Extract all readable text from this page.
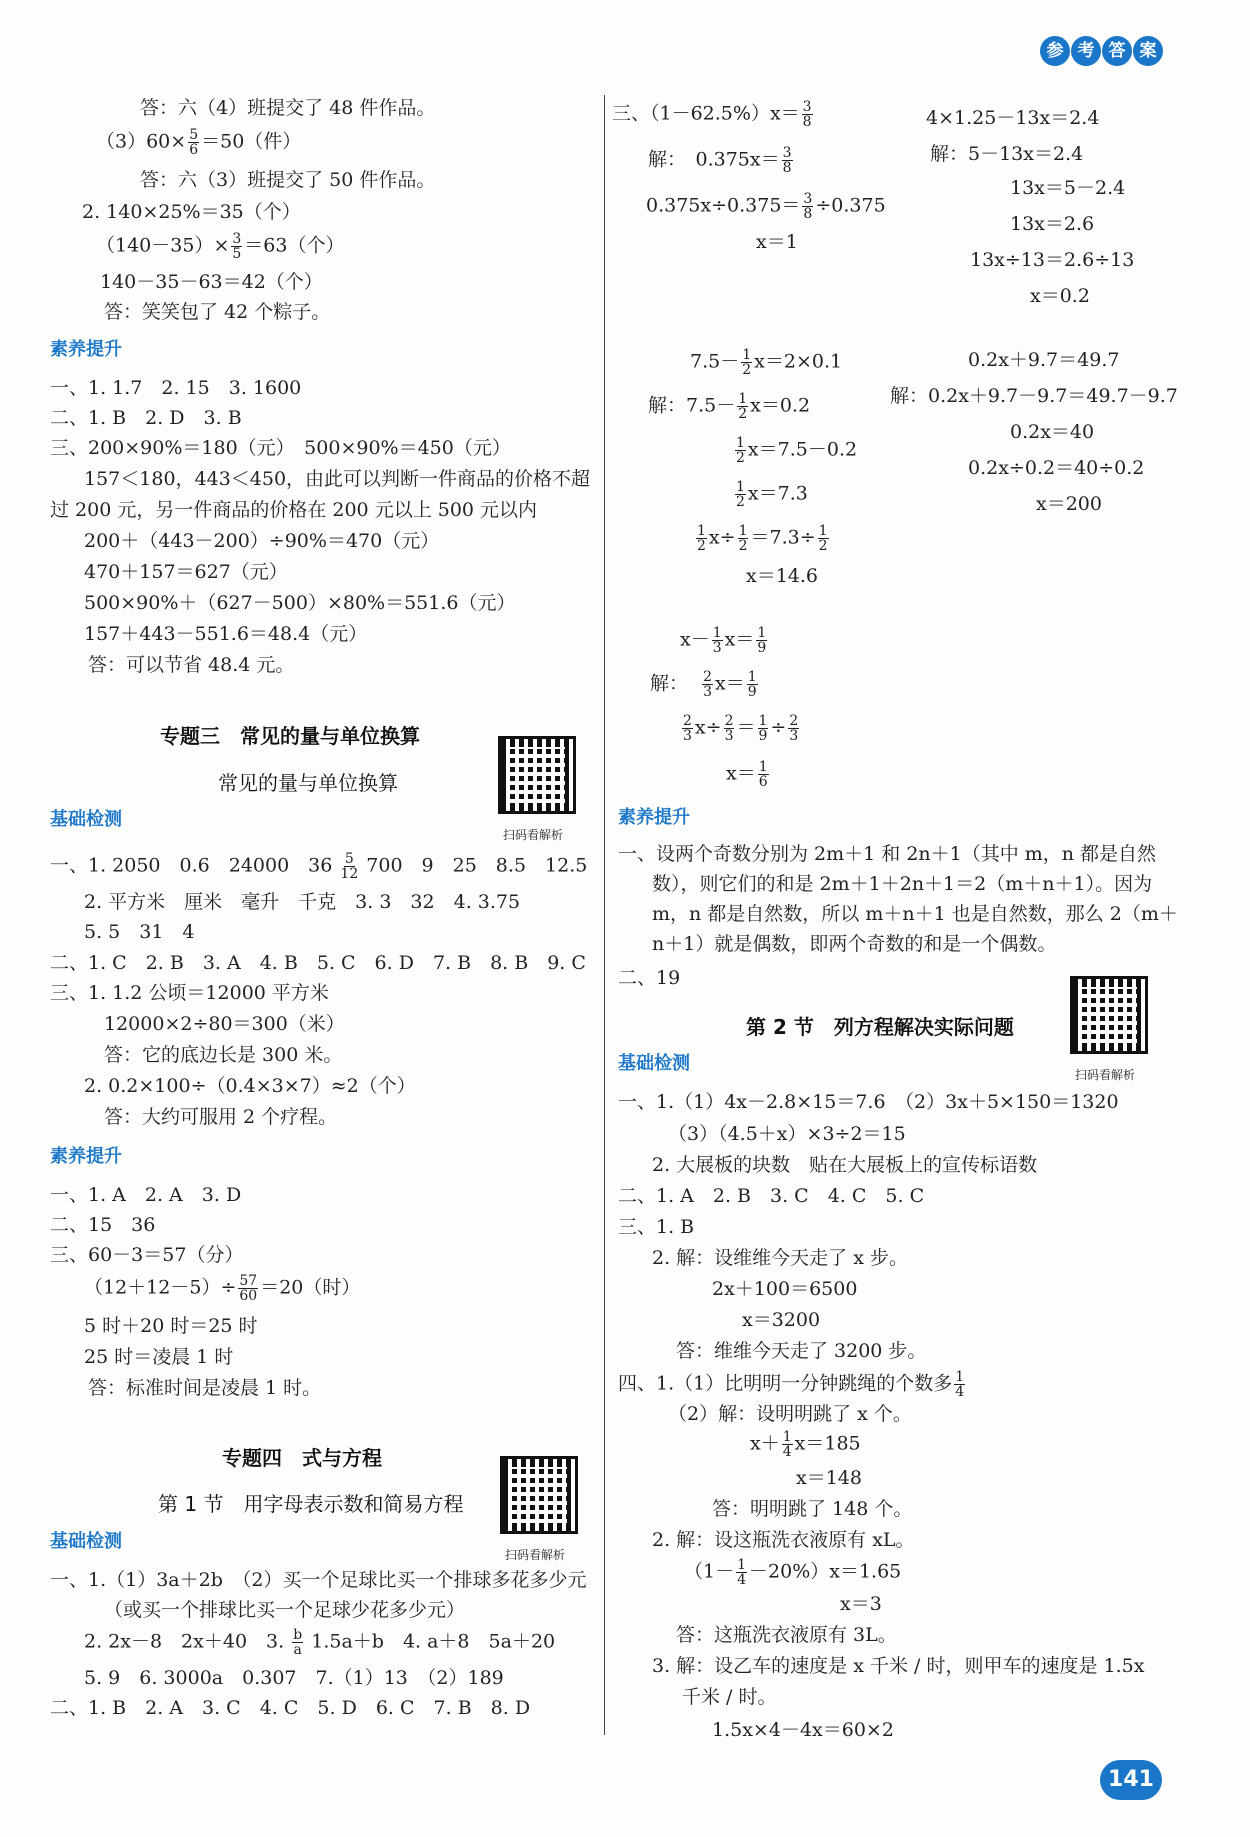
参 考 答 案
答：六（4）班提交了 48 件作品。
$(3)60\times \frac{5}{6} =50$（件）
答：六（3）班提交了 50 件作品。
2. 140×25%＝35（个）
$(140-35)\times \frac{3}{5} =63$（个）
140－35－63＝42（个）
答：笑笑包了 42 个粽子。
素养提升
一、1. 1.7　2. 15　3. 1600
二、1. B　2. D　3. B
三、200×90%＝180（元）　500×90%＝450（元）
157＜180，443＜450，由此可以判断一件商品的价格不超
过 200 元，另一件商品的价格在 200 元以上 500 元以内
200＋（443－200）÷90%＝470（元）
470＋157＝627（元）
500×90%＋（627－500）×80%＝551.6（元）
157＋443－551.6＝48.4（元）
答：可以节省 48.4 元。
专题三　常见的量与单位换算
常见的量与单位换算
扫码看解析
基础检测
一、1. 2050　0.6　24000　$36 \frac{5}{12} 700$　9　25　8.5　12.5
2. 平方米　厘米　毫升　千克　3. 3　32　4. 3.75
5. 5　31　4
二、1. C　2. B　3. A　4. B　5. C　6. D　7. B　8. B　9. C
三、1. 1.2 公顷＝12000 平方米
12000×2÷80＝300（米）
答：它的底边长是 300 米。
2. 0.2×100÷（0.4×3×7）≈2（个）
答：大约可服用 2 个疗程。
素养提升
一、1. A　2. A　3. D
二、15　36
三、60－3＝57（分）
$(12+12-5)\div \frac{57}{60} =20$（时）
5 时＋20 时＝25 时
25 时＝凌晨 1 时
答：标准时间是凌晨 1 时。
专题四　式与方程
第 1 节　用字母表示数和简易方程
扫码看解析
基础检测
一、1.（1）3a＋2b　（2）买一个足球比买一个排球多花多少元
（或买一个排球比买一个足球少花多少元）
2. 2x－8　2x＋40　3. $\frac{b}{a} 1.5a+b$　4. a＋8　5a＋20
5. 9　6. 3000a　0.307　7.（1）13　（2）189
二、1. B　2. A　3. C　4. C　5. D　6. C　7. B　8. D
三、$(1-62.5\%)x= \frac{3}{8}$
解：　$0.375x= \frac{3}{8}$
$0.375x\div 0.375= \frac{3}{8} \div 0.375$
x＝1
4×1.25－13x＝2.4
解：5－13x＝2.4
13x＝5－2.4
13x＝2.6
13x÷13＝2.6÷13
x＝0.2
$7.5- \frac{1}{2} x=2\times 0.1$
解：$7.5- \frac{1}{2} x=0.2$
$\frac{1}{2} x=7.5-0.2$
$\frac{1}{2} x=7.3$
$\frac{1}{2} x\div \frac{1}{2} =7.3\div \frac{1}{2}$
x＝14.6
0.2x＋9.7＝49.7
解：0.2x＋9.7－9.7＝49.7－9.7
0.2x＝40
0.2x÷0.2＝40÷0.2
x＝200
$x- \frac{1}{3} x= \frac{1}{9}$
解： $\frac{2}{3} x= \frac{1}{9}$
$\frac{2}{3} x\div \frac{2}{3} = \frac{1}{9} \div \frac{2}{3}$
$x= \frac{1}{6}$
素养提升
一、设两个奇数分别为 2m＋1 和 2n＋1（其中 m，n 都是自然
数），则它们的和是 2m＋1＋2n＋1＝2（m＋n＋1）。因为
m，n 都是自然数，所以 m＋n＋1 也是自然数，那么 2（m＋
n＋1）就是偶数，即两个奇数的和是一个偶数。
二、19
第 2 节　列方程解决实际问题
扫码看解析
基础检测
一、1.（1）4x－2.8×15＝7.6　（2）3x＋5×150＝1320
（3）（4.5＋x）×3÷2＝15
2. 大展板的块数　贴在大展板上的宣传标语数
二、1. A　2. B　3. C　4. C　5. C
三、1. B
2. 解：设维维今天走了 x 步。
2x＋100＝6500
x＝3200
答：维维今天走了 3200 步。
四、1.（1）比明明一分钟跳绳的个数多 $\frac{1}{4}$
（2）解：设明明跳了 x 个。
$x+ \frac{1}{4} x=185$
x＝148
答：明明跳了 148 个。
2. 解：设这瓶洗衣液原有 xL。
$(1- \frac{1}{4} -20\%)x=1.65$
x＝3
答：这瓶洗衣液原有 3L。
3. 解：设乙车的速度是 x 千米 / 时，则甲车的速度是 1.5x
千米 / 时。
1.5x×4－4x＝60×2
141
